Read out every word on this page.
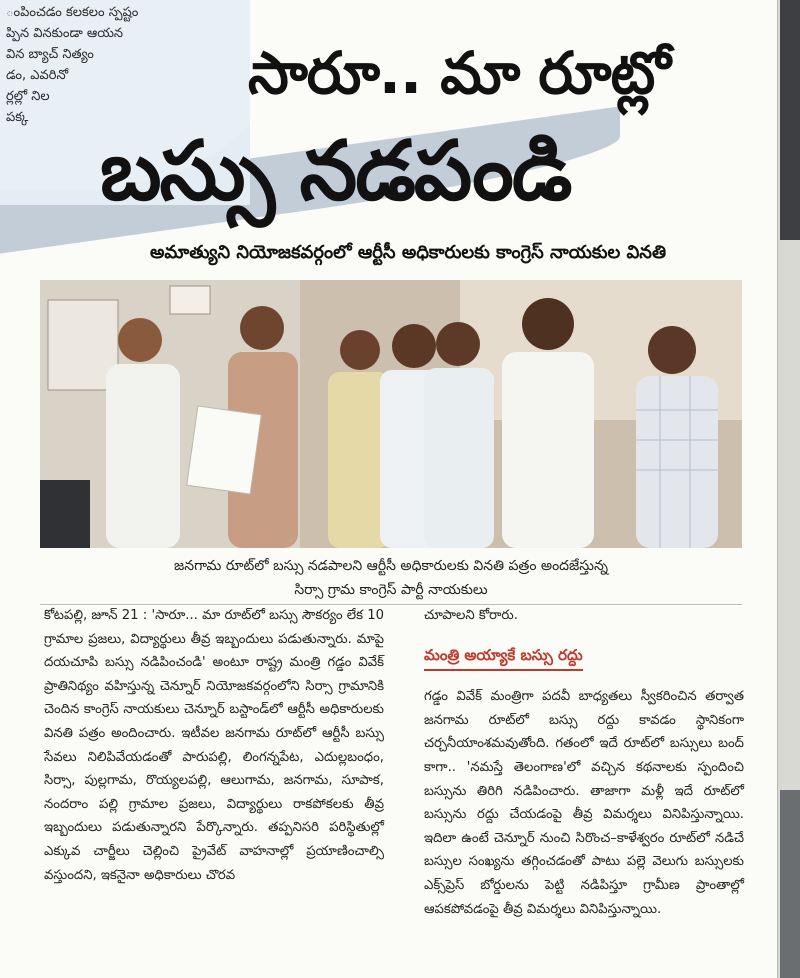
ంపించడం కలకలం స్పష్టం
ప్పిన వినకుండా ఆయన
వి‌న బ్యాచ్ నిత్యం
డం, ఎవరినో
ర్లల్లో నిల
పక్క
సారూ.. మా రూట్లో
బస్సు నడపండి
అమాత్యుని నియోజకవర్గంలో ఆర్టీసీ అధికారులకు కాంగ్రెస్ నాయకుల వినతి
జనగామ రూట్‌లో బస్సు నడపాలని ఆర్టీసీ అధికారులకు వినతి పత్రం అందజేస్తున్న
సిర్సా గ్రామ కాంగ్రెస్ పార్టీ నాయకులు

కోటపల్లి, జూన్ 21 : 'సారూ... మా రూట్‌లో బస్సు సౌకర్యం లేక 10 గ్రామాల ప్రజలు, విద్యార్థులు తీవ్ర ఇబ్బందులు పడుతున్నారు. మాపై దయచూపి బస్సు నడిపించండి' అంటూ రాష్ట్ర మంత్రి గడ్డం వివేక్ ప్రాతినిథ్యం వహిస్తున్న చెన్నూర్ నియోజకవర్గంలోని సిర్సా గ్రామానికి చెందిన కాంగ్రెస్ నాయకులు చెన్నూర్ బస్టాండ్‌లో ఆర్టీసీ అధికారులకు వినతి పత్రం అందించారు. ఇటీవల జనగామ రూట్‌లో ఆర్టీసీ బస్సు సేవలు నిలిపివేయడంతో పారుపల్లి, లింగన్నపేట, ఎదుల్లబంధం, సిర్సా, పుల్లగామ, రొయ్యలపల్లి, ఆలుగామ, జనగామ, సూపాక, నందరాం పల్లి గ్రామాల ప్రజలు, విద్యార్థులు రాకపోకలకు తీవ్ర ఇబ్బందులు పడుతున్నారని పేర్కొన్నారు. తప్పనిసరి పరిస్థితుల్లో ఎక్కువ చార్జీలు చెల్లించి ప్రైవేట్ వాహనాల్లో ప్రయాణించాల్సి వస్తుందని, ఇకనైనా అధికారులు చొరవ

చూపాలని కోరారు.

మంత్రి అయ్యాకే బస్సు రద్దు

గడ్డం వివేక్ మంత్రిగా పదవీ బాధ్యతలు స్వీకరించిన తర్వాత జనగామ రూట్‌లో బస్సు రద్దు కావడం స్థానికంగా చర్చనీయాంశమవుతోంది. గతంలో ఇదే రూట్‌లో బస్సులు బంద్ కాగా.. 'నమస్తే తెలంగాణ'లో వచ్చిన కథనాలకు స్పందించి బస్సును తిరిగి నడిపించారు. తాజాగా మళ్లీ ఇదే రూట్‌లో బస్సును రద్దు చేయడంపై తీవ్ర విమర్శలు వినిపిస్తున్నాయి. ఇదిలా ఉంటే చెన్నూర్ నుంచి సిరొంచ–కాళేశ్వరం రూట్‌లో నడిచే బస్సుల సంఖ్యను తగ్గించడంతో పాటు పల్లె వెలుగు బస్సులకు ఎక్స్‌ప్రెస్ బోర్డులను పెట్టి నడిపిస్తూ గ్రామీణ ప్రాంతాల్లో ఆపకపోవడంపై తీవ్ర విమర్శలు వినిపిస్తున్నాయి.
